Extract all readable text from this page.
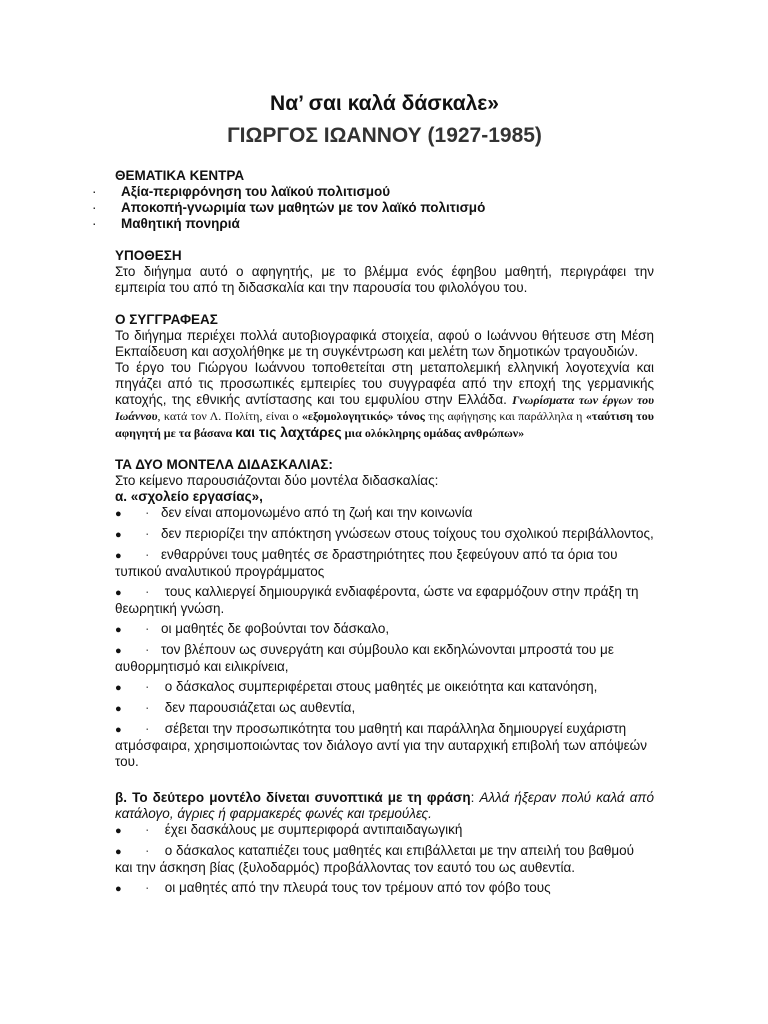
Να’ σαι καλά δάσκαλε»
ΓΙΩΡΓΟΣ ΙΩΑΝΝΟΥ (1927-1985)

ΘΕΜΑΤΙΚΑ ΚΕΝΤΡΑ

· Αξία-περιφρόνηση του λαϊκού πολιτισμού
· Αποκοπή-γνωριμία των μαθητών με τον λαϊκό πολιτισμό
· Μαθητική πονηριά

ΥΠΟΘΕΣΗ

Στο διήγημα αυτό ο αφηγητής, με το βλέμμα ενός έφηβου μαθητή, περιγράφει την εμπειρία του από τη διδασκαλία και την παρουσία του φιλολόγου του.

Ο ΣΥΓΓΡΑΦΕΑΣ

Το διήγημα περιέχει πολλά αυτοβιογραφικά στοιχεία, αφού ο Ιωάννου θήτευσε στη Μέση Εκπαίδευση και ασχολήθηκε με τη συγκέντρωση και μελέτη των δημοτικών τραγουδιών.

Το έργο του Γιώργου Ιωάννου τοποθετείται στη μεταπολεμική ελληνική λογοτεχνία και πηγάζει από τις προσωπικές εμπειρίες του συγγραφέα από την εποχή της γερμανικής κατοχής, της εθνικής αντίστασης και του εμφυλίου στην Ελλάδα. Γνωρίσματα των έργων του Ιωάννου, κατά τον Λ. Πολίτη, είναι ο «εξομολογητικός» τόνος της αφήγησης και παράλληλα η «ταύτιση του αφηγητή με τα βάσανα και τις λαχτάρες μια ολόκληρης ομάδας ανθρώπων»

ΤΑ ΔΥΟ ΜΟΝΤΕΛΑ ΔΙΔΑΣΚΑΛΙΑΣ:

Στο κείμενο παρουσιάζονται δύο μοντέλα διδασκαλίας:

α. «σχολείο εργασίας»,

● · δεν είναι απομονωμένο από τη ζωή και την κοινωνία
● · δεν περιορίζει την απόκτηση γνώσεων στους τοίχους του σχολικού περιβάλλοντος,
● · ενθαρρύνει τους μαθητές σε δραστηριότητες που ξεφεύγουν από τα όρια του τυπικού αναλυτικού προγράμματος
● · τους καλλιεργεί δημιουργικά ενδιαφέροντα, ώστε να εφαρμόζουν στην πράξη τη θεωρητική γνώση.
● · οι μαθητές δε φοβούνται τον δάσκαλο,
● · τον βλέπουν ως συνεργάτη και σύμβουλο και εκδηλώνονται μπροστά του με αυθορμητισμό και ειλικρίνεια,
● · ο δάσκαλος συμπεριφέρεται στους μαθητές με οικειότητα και κατανόηση,
● · δεν παρουσιάζεται ως αυθεντία,
● · σέβεται την προσωπικότητα του μαθητή και παράλληλα δημιουργεί ευχάριστη ατμόσφαιρα, χρησιμοποιώντας τον διάλογο αντί για την αυταρχική επιβολή των απόψεών του.

β. Το δεύτερο μοντέλο δίνεται συνοπτικά με τη φράση: Αλλά ήξεραν πολύ καλά από κατάλογο, άγριες ή φαρμακερές φωνές και τρεμούλες.

● · έχει δασκάλους με συμπεριφορά αντιπαιδαγωγική
● · ο δάσκαλος καταπιέζει τους μαθητές και επιβάλλεται με την απειλή του βαθμού και την άσκηση βίας (ξυλοδαρμός) προβάλλοντας τον εαυτό του ως αυθεντία.
● · οι μαθητές από την πλευρά τους τον τρέμουν από τον φόβο τους
